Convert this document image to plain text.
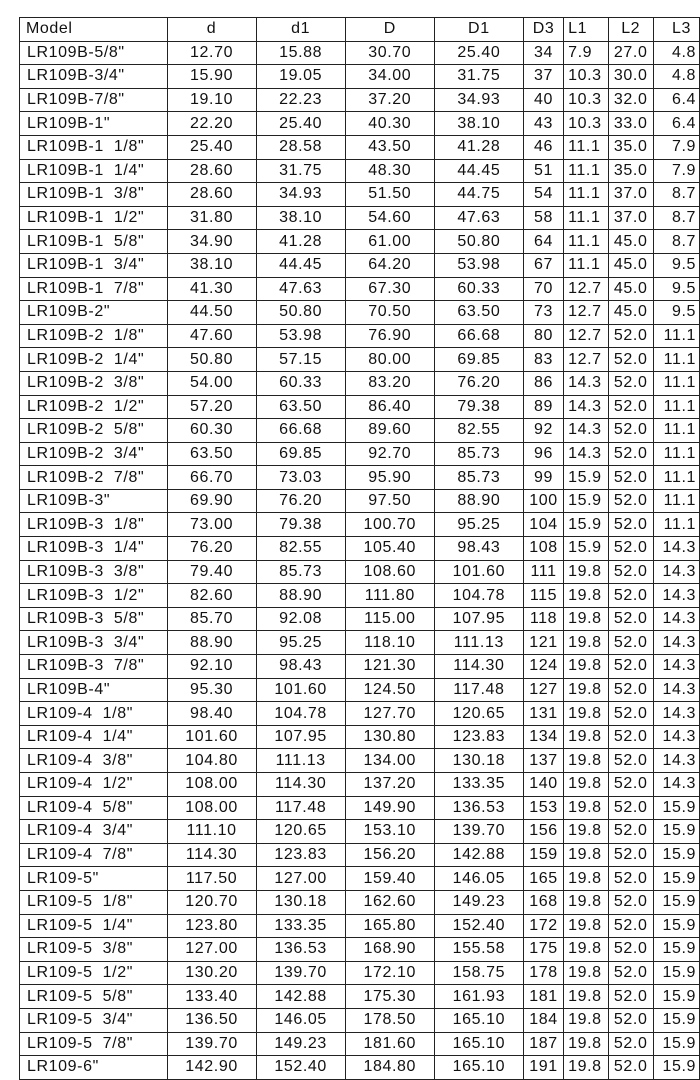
Model	d	d1	D	D1	D3	L1	L2	L3
LR109B-5/8"	12.70	15.88	30.70	25.40	34	7.9	27.0	4.8
LR109B-3/4"	15.90	19.05	34.00	31.75	37	10.3	30.0	4.8
LR109B-7/8"	19.10	22.23	37.20	34.93	40	10.3	32.0	6.4
LR109B-1"	22.20	25.40	40.30	38.10	43	10.3	33.0	6.4
LR109B-1  1/8"	25.40	28.58	43.50	41.28	46	11.1	35.0	7.9
LR109B-1  1/4"	28.60	31.75	48.30	44.45	51	11.1	35.0	7.9
LR109B-1  3/8"	28.60	34.93	51.50	44.75	54	11.1	37.0	8.7
LR109B-1  1/2"	31.80	38.10	54.60	47.63	58	11.1	37.0	8.7
LR109B-1  5/8"	34.90	41.28	61.00	50.80	64	11.1	45.0	8.7
LR109B-1  3/4"	38.10	44.45	64.20	53.98	67	11.1	45.0	9.5
LR109B-1  7/8"	41.30	47.63	67.30	60.33	70	12.7	45.0	9.5
LR109B-2"	44.50	50.80	70.50	63.50	73	12.7	45.0	9.5
LR109B-2  1/8"	47.60	53.98	76.90	66.68	80	12.7	52.0	11.1
LR109B-2  1/4"	50.80	57.15	80.00	69.85	83	12.7	52.0	11.1
LR109B-2  3/8"	54.00	60.33	83.20	76.20	86	14.3	52.0	11.1
LR109B-2  1/2"	57.20	63.50	86.40	79.38	89	14.3	52.0	11.1
LR109B-2  5/8"	60.30	66.68	89.60	82.55	92	14.3	52.0	11.1
LR109B-2  3/4"	63.50	69.85	92.70	85.73	96	14.3	52.0	11.1
LR109B-2  7/8"	66.70	73.03	95.90	85.73	99	15.9	52.0	11.1
LR109B-3"	69.90	76.20	97.50	88.90	100	15.9	52.0	11.1
LR109B-3  1/8"	73.00	79.38	100.70	95.25	104	15.9	52.0	11.1
LR109B-3  1/4"	76.20	82.55	105.40	98.43	108	15.9	52.0	14.3
LR109B-3  3/8"	79.40	85.73	108.60	101.60	111	19.8	52.0	14.3
LR109B-3  1/2"	82.60	88.90	111.80	104.78	115	19.8	52.0	14.3
LR109B-3  5/8"	85.70	92.08	115.00	107.95	118	19.8	52.0	14.3
LR109B-3  3/4"	88.90	95.25	118.10	111.13	121	19.8	52.0	14.3
LR109B-3  7/8"	92.10	98.43	121.30	114.30	124	19.8	52.0	14.3
LR109B-4"	95.30	101.60	124.50	117.48	127	19.8	52.0	14.3
LR109-4  1/8"	98.40	104.78	127.70	120.65	131	19.8	52.0	14.3
LR109-4  1/4"	101.60	107.95	130.80	123.83	134	19.8	52.0	14.3
LR109-4  3/8"	104.80	111.13	134.00	130.18	137	19.8	52.0	14.3
LR109-4  1/2"	108.00	114.30	137.20	133.35	140	19.8	52.0	14.3
LR109-4  5/8"	108.00	117.48	149.90	136.53	153	19.8	52.0	15.9
LR109-4  3/4"	111.10	120.65	153.10	139.70	156	19.8	52.0	15.9
LR109-4  7/8"	114.30	123.83	156.20	142.88	159	19.8	52.0	15.9
LR109-5"	117.50	127.00	159.40	146.05	165	19.8	52.0	15.9
LR109-5  1/8"	120.70	130.18	162.60	149.23	168	19.8	52.0	15.9
LR109-5  1/4"	123.80	133.35	165.80	152.40	172	19.8	52.0	15.9
LR109-5  3/8"	127.00	136.53	168.90	155.58	175	19.8	52.0	15.9
LR109-5  1/2"	130.20	139.70	172.10	158.75	178	19.8	52.0	15.9
LR109-5  5/8"	133.40	142.88	175.30	161.93	181	19.8	52.0	15.9
LR109-5  3/4"	136.50	146.05	178.50	165.10	184	19.8	52.0	15.9
LR109-5  7/8"	139.70	149.23	181.60	165.10	187	19.8	52.0	15.9
LR109-6"	142.90	152.40	184.80	165.10	191	19.8	52.0	15.9
